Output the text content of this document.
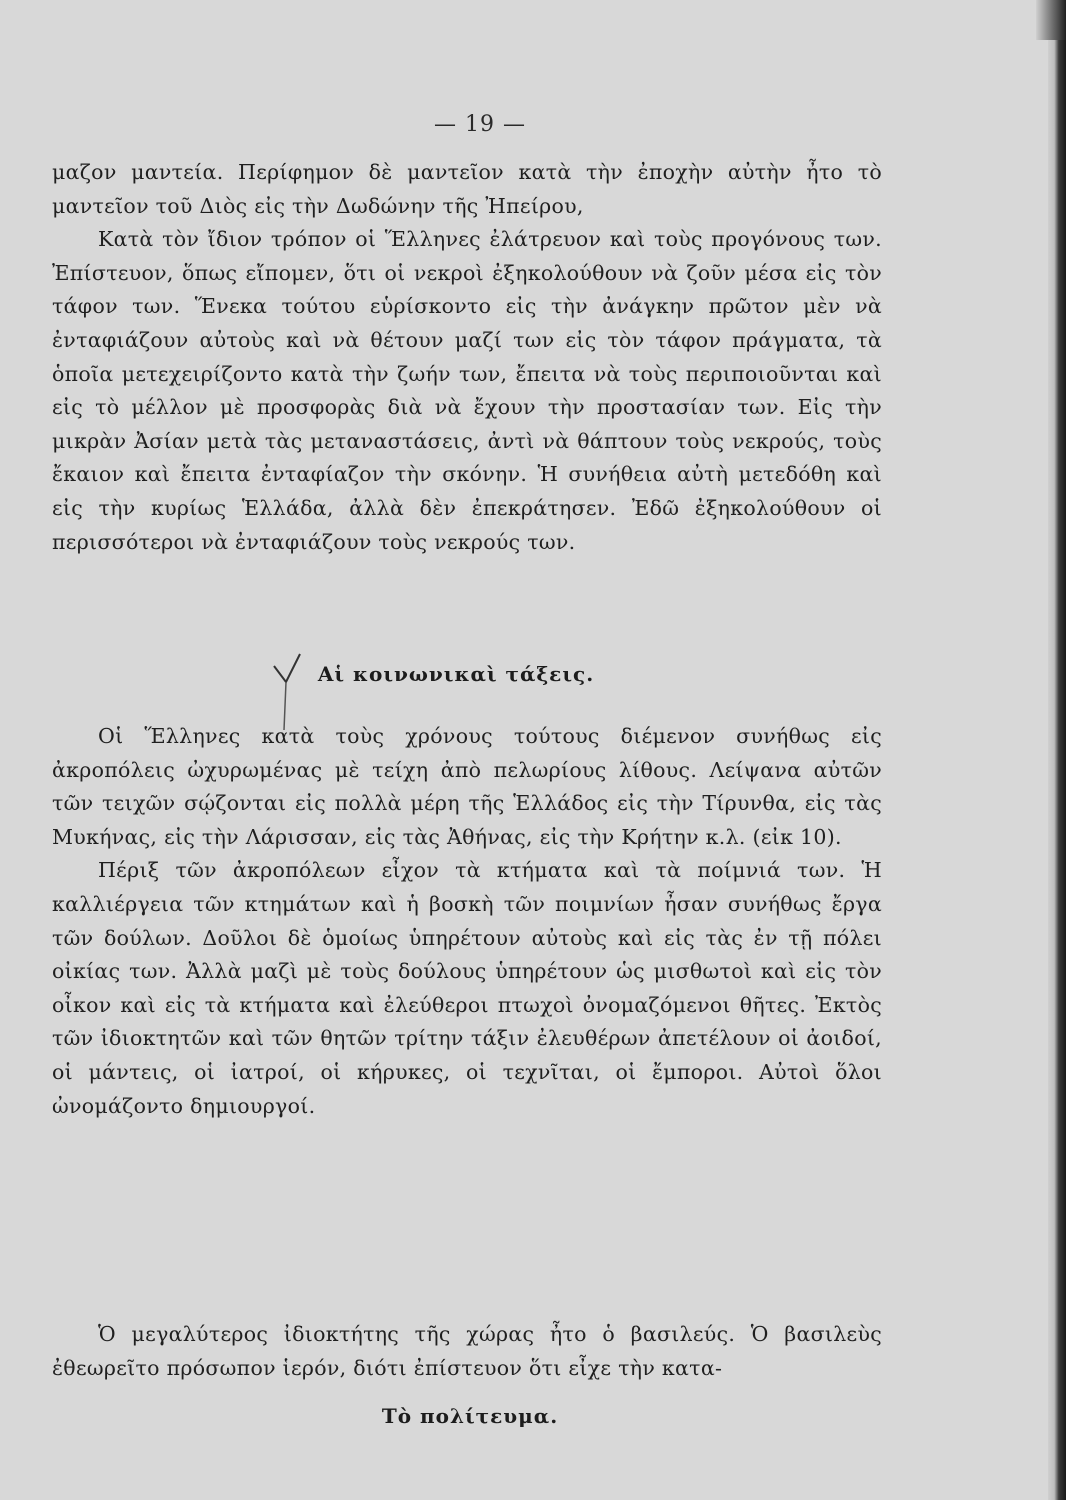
— 19 —

μαζον μαντεία. Περίφημον δὲ μαντεῖον κατὰ τὴν ἐποχὴν αὐτὴν ἦτο τὸ μαντεῖον τοῦ Διὸς εἰς τὴν Δωδώνην τῆς Ἠπείρου,

Κατὰ τὸν ἴδιον τρόπον οἱ Ἕλληνες ἐλάτρευον καὶ τοὺς προγόνους των. Ἐπίστευον, ὅπως εἴπομεν, ὅτι οἱ νεκροὶ ἐξηκολούθουν νὰ ζοῦν μέσα εἰς τὸν τάφον των. Ἕνεκα τούτου εὑρίσκοντο εἰς τὴν ἀνάγκην πρῶτον μὲν νὰ ἐνταφιάζουν αὐτοὺς καὶ νὰ θέτουν μαζί των εἰς τὸν τάφον πράγματα, τὰ ὁποῖα μετεχειρίζοντο κατὰ τὴν ζωήν των, ἔπειτα νὰ τοὺς περιποιοῦνται καὶ εἰς τὸ μέλλον μὲ προσφορὰς διὰ νὰ ἔχουν τὴν προστασίαν των. Εἰς τὴν μικρὰν Ἀσίαν μετὰ τὰς μεταναστάσεις, ἀντὶ νὰ θάπτουν τοὺς νεκρούς, τοὺς ἔκαιον καὶ ἔπειτα ἐνταφίαζον τὴν σκόνην. Ἡ συνήθεια αὐτὴ μετεδόθη καὶ εἰς τὴν κυρίως Ἑλλάδα, ἀλλὰ δὲν ἐπεκράτησεν. Ἐδῶ ἐξηκολούθουν οἱ περισσότεροι νὰ ἐνταφιάζουν τοὺς νεκρούς των.

Αἱ κοινωνικαὶ τάξεις.

Οἱ Ἕλληνες κατὰ τοὺς χρόνους τούτους διέμενον συνήθως εἰς ἀκροπόλεις ὠχυρωμένας μὲ τείχη ἀπὸ πελωρίους λίθους. Λείψανα αὐτῶν τῶν τειχῶν σῴζονται εἰς πολλὰ μέρη τῆς Ἑλλάδος εἰς τὴν Τίρυνθα, εἰς τὰς Μυκήνας, εἰς τὴν Λάρισσαν, εἰς τὰς Ἀθήνας, εἰς τὴν Κρήτην κ.λ. (εἰκ 10).

Πέριξ τῶν ἀκροπόλεων εἶχον τὰ κτήματα καὶ τὰ ποίμνιά των. Ἡ καλλιέργεια τῶν κτημάτων καὶ ἡ βοσκὴ τῶν ποιμνίων ἦσαν συνήθως ἔργα τῶν δούλων. Δοῦλοι δὲ ὁμοίως ὑπηρέτουν αὐτοὺς καὶ εἰς τὰς ἐν τῇ πόλει οἰκίας των. Ἀλλὰ μαζὶ μὲ τοὺς δούλους ὑπηρέτουν ὡς μισθωτοὶ καὶ εἰς τὸν οἶκον καὶ εἰς τὰ κτήματα καὶ ἐλεύθεροι πτωχοὶ ὀνομαζόμενοι θῆτες. Ἐκτὸς τῶν ἰδιοκτητῶν καὶ τῶν θητῶν τρίτην τάξιν ἐλευθέρων ἀπετέλουν οἱ ἀοιδοί, οἱ μάντεις, οἱ ἰατροί, οἱ κήρυκες, οἱ τεχνῖται, οἱ ἔμποροι. Αὐτοὶ ὅλοι ὠνομάζοντο δημιουργοί.

Τὸ πολίτευμα.

Ὁ μεγαλύτερος ἰδιοκτήτης τῆς χώρας ἦτο ὁ βασιλεύς. Ὁ βασιλεὺς ἐθεωρεῖτο πρόσωπον ἱερόν, διότι ἐπίστευον ὅτι εἶχε τὴν κατα-
